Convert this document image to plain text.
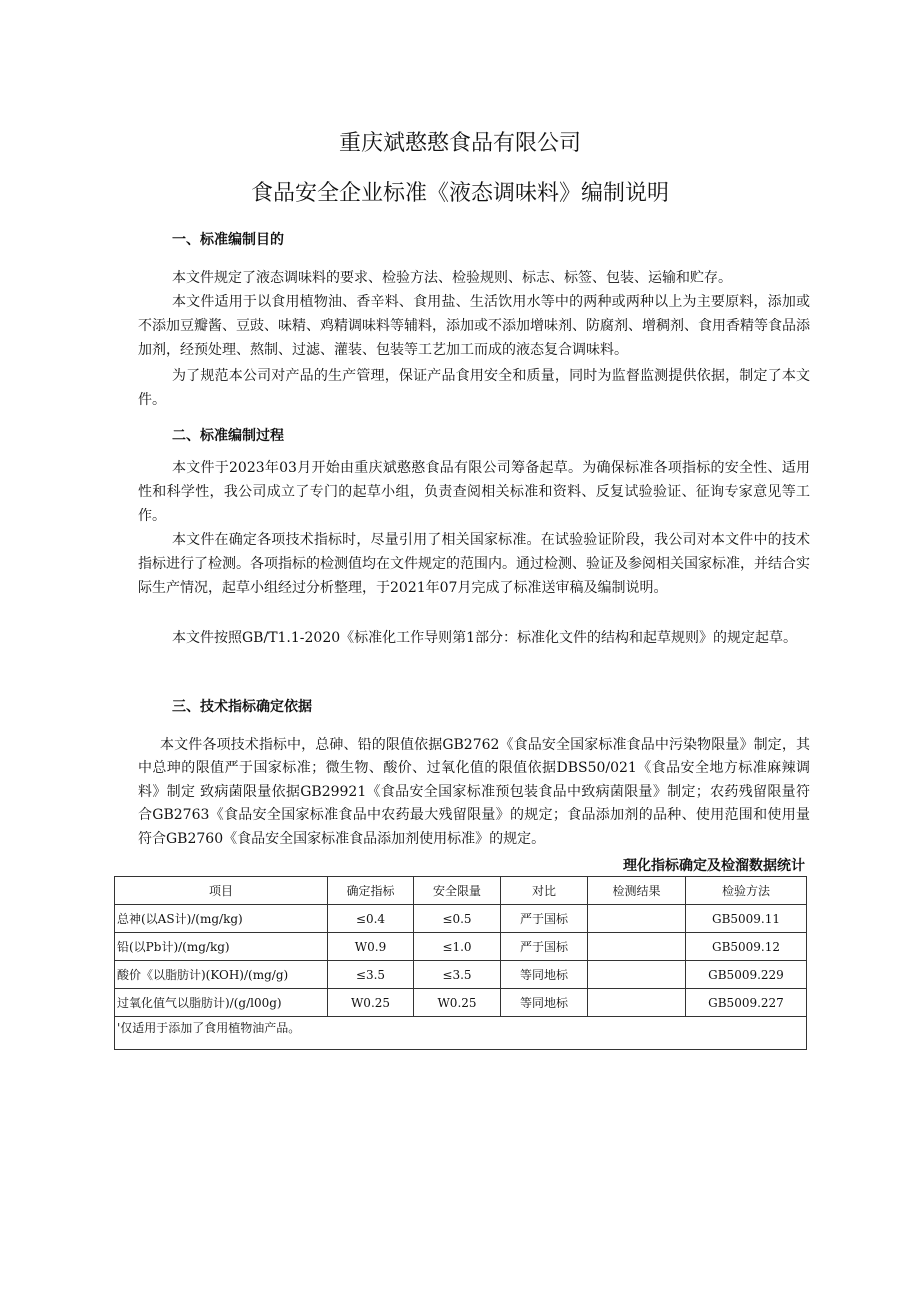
重庆斌憨憨食品有限公司
食品安全企业标准《液态调味料》编制说明
一、标准编制目的
本文件规定了液态调味料的要求、检验方法、检验规则、标志、标签、包装、运输和贮存。
本文件适用于以食用植物油、香辛料、食用盐、生活饮用水等中的两种或两种以上为主要原料，添加或不添加豆瓣酱、豆豉、味精、鸡精调味料等辅料，添加或不添加增味剂、防腐剂、增稠剂、食用香精等食品添加剂，经预处理、熬制、过滤、灌装、包装等工艺加工而成的液态复合调味料。
为了规范本公司对产品的生产管理，保证产品食用安全和质量，同时为监督监测提供依据，制定了本文件。
二、标准编制过程
本文件于2023年03月开始由重庆斌憨憨食品有限公司筹备起草。为确保标准各项指标的安全性、适用性和科学性，我公司成立了专门的起草小组，负责查阅相关标准和资料、反复试验验证、征询专家意见等工作。
本文件在确定各项技术指标时，尽量引用了相关国家标准。在试验验证阶段，我公司对本文件中的技术指标进行了检测。各项指标的检测值均在文件规定的范围内。通过检测、验证及参阅相关国家标准，并结合实际生产情况，起草小组经过分析整理，于2021年07月完成了标准送审稿及编制说明。
本文件按照GB/T1.1-2020《标准化工作导则第1部分：标准化文件的结构和起草规则》的规定起草。
三、技术指标确定依据
本文件各项技术指标中，总砷、铅的限值依据GB2762《食品安全国家标准食品中污染物限量》制定，其中总珅的限值严于国家标准；微生物、酸价、过氧化值的限值依据DBS50/021《食品安全地方标准麻辣调料》制定 致病菌限量依据GB29921《食品安全国家标准预包装食品中致病菌限量》制定；农药残留限量符合GB2763《食品安全国家标准食品中农药最大残留限量》的规定；食品添加剂的品种、使用范围和使用量符合GB2760《食品安全国家标准食品添加剂使用标准》的规定。
理化指标确定及检溜数据统计
项目	确定指标	安全限量	对比	检测结果	检验方法
总神(以AS计)/(mg/kg)	≤0.4	≤0.5	严于国标		GB5009.11
铅(以Pb计)/(mg/kg)	W0.9	≤1.0	严于国标		GB5009.12
酸价《以脂肪计)(KOH)/(mg/g)	≤3.5	≤3.5	等同地标		GB5009.229
过氧化值气以脂肪计)/(g/l00g)	W0.25	W0.25	等同地标		GB5009.227
'仅适用于添加了食用植物油产品。					
